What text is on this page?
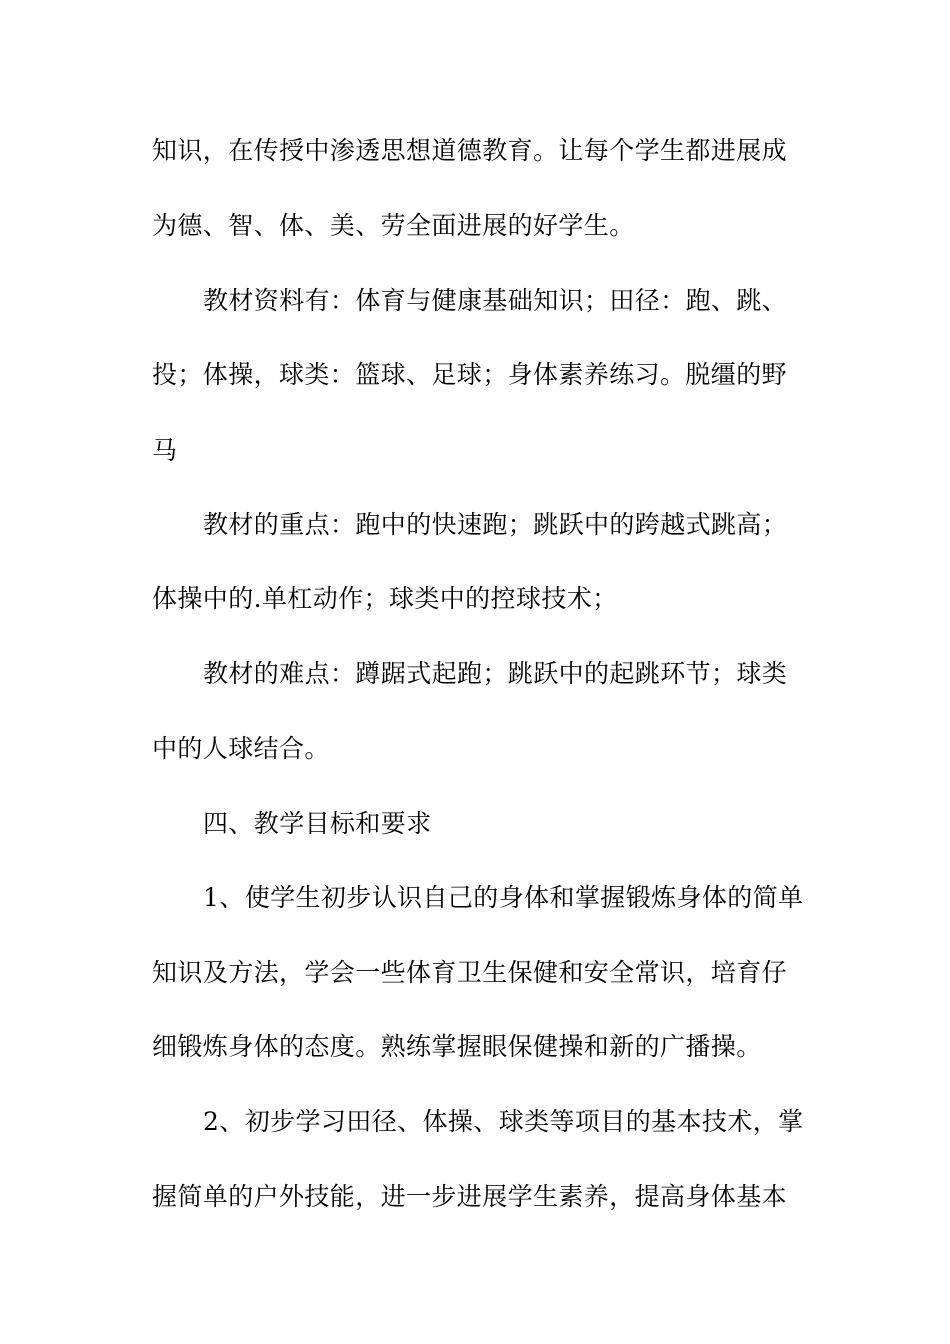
知识，在传授中渗透思想道德教育。让每个学生都进展成
为德、智、体、美、劳全面进展的好学生。
教材资料有：体育与健康基础知识；田径：跑、跳、
投；体操，球类：篮球、足球；身体素养练习。脱缰的野
马
教材的重点：跑中的快速跑；跳跃中的跨越式跳高；
体操中的.单杠动作；球类中的控球技术；
教材的难点：蹲踞式起跑；跳跃中的起跳环节；球类
中的人球结合。
四、教学目标和要求
1、使学生初步认识自己的身体和掌握锻炼身体的简单
知识及方法，学会一些体育卫生保健和安全常识，培育仔
细锻炼身体的态度。熟练掌握眼保健操和新的广播操。
2、初步学习田径、体操、球类等项目的基本技术，掌
握简单的户外技能，进一步进展学生素养，提高身体基本
